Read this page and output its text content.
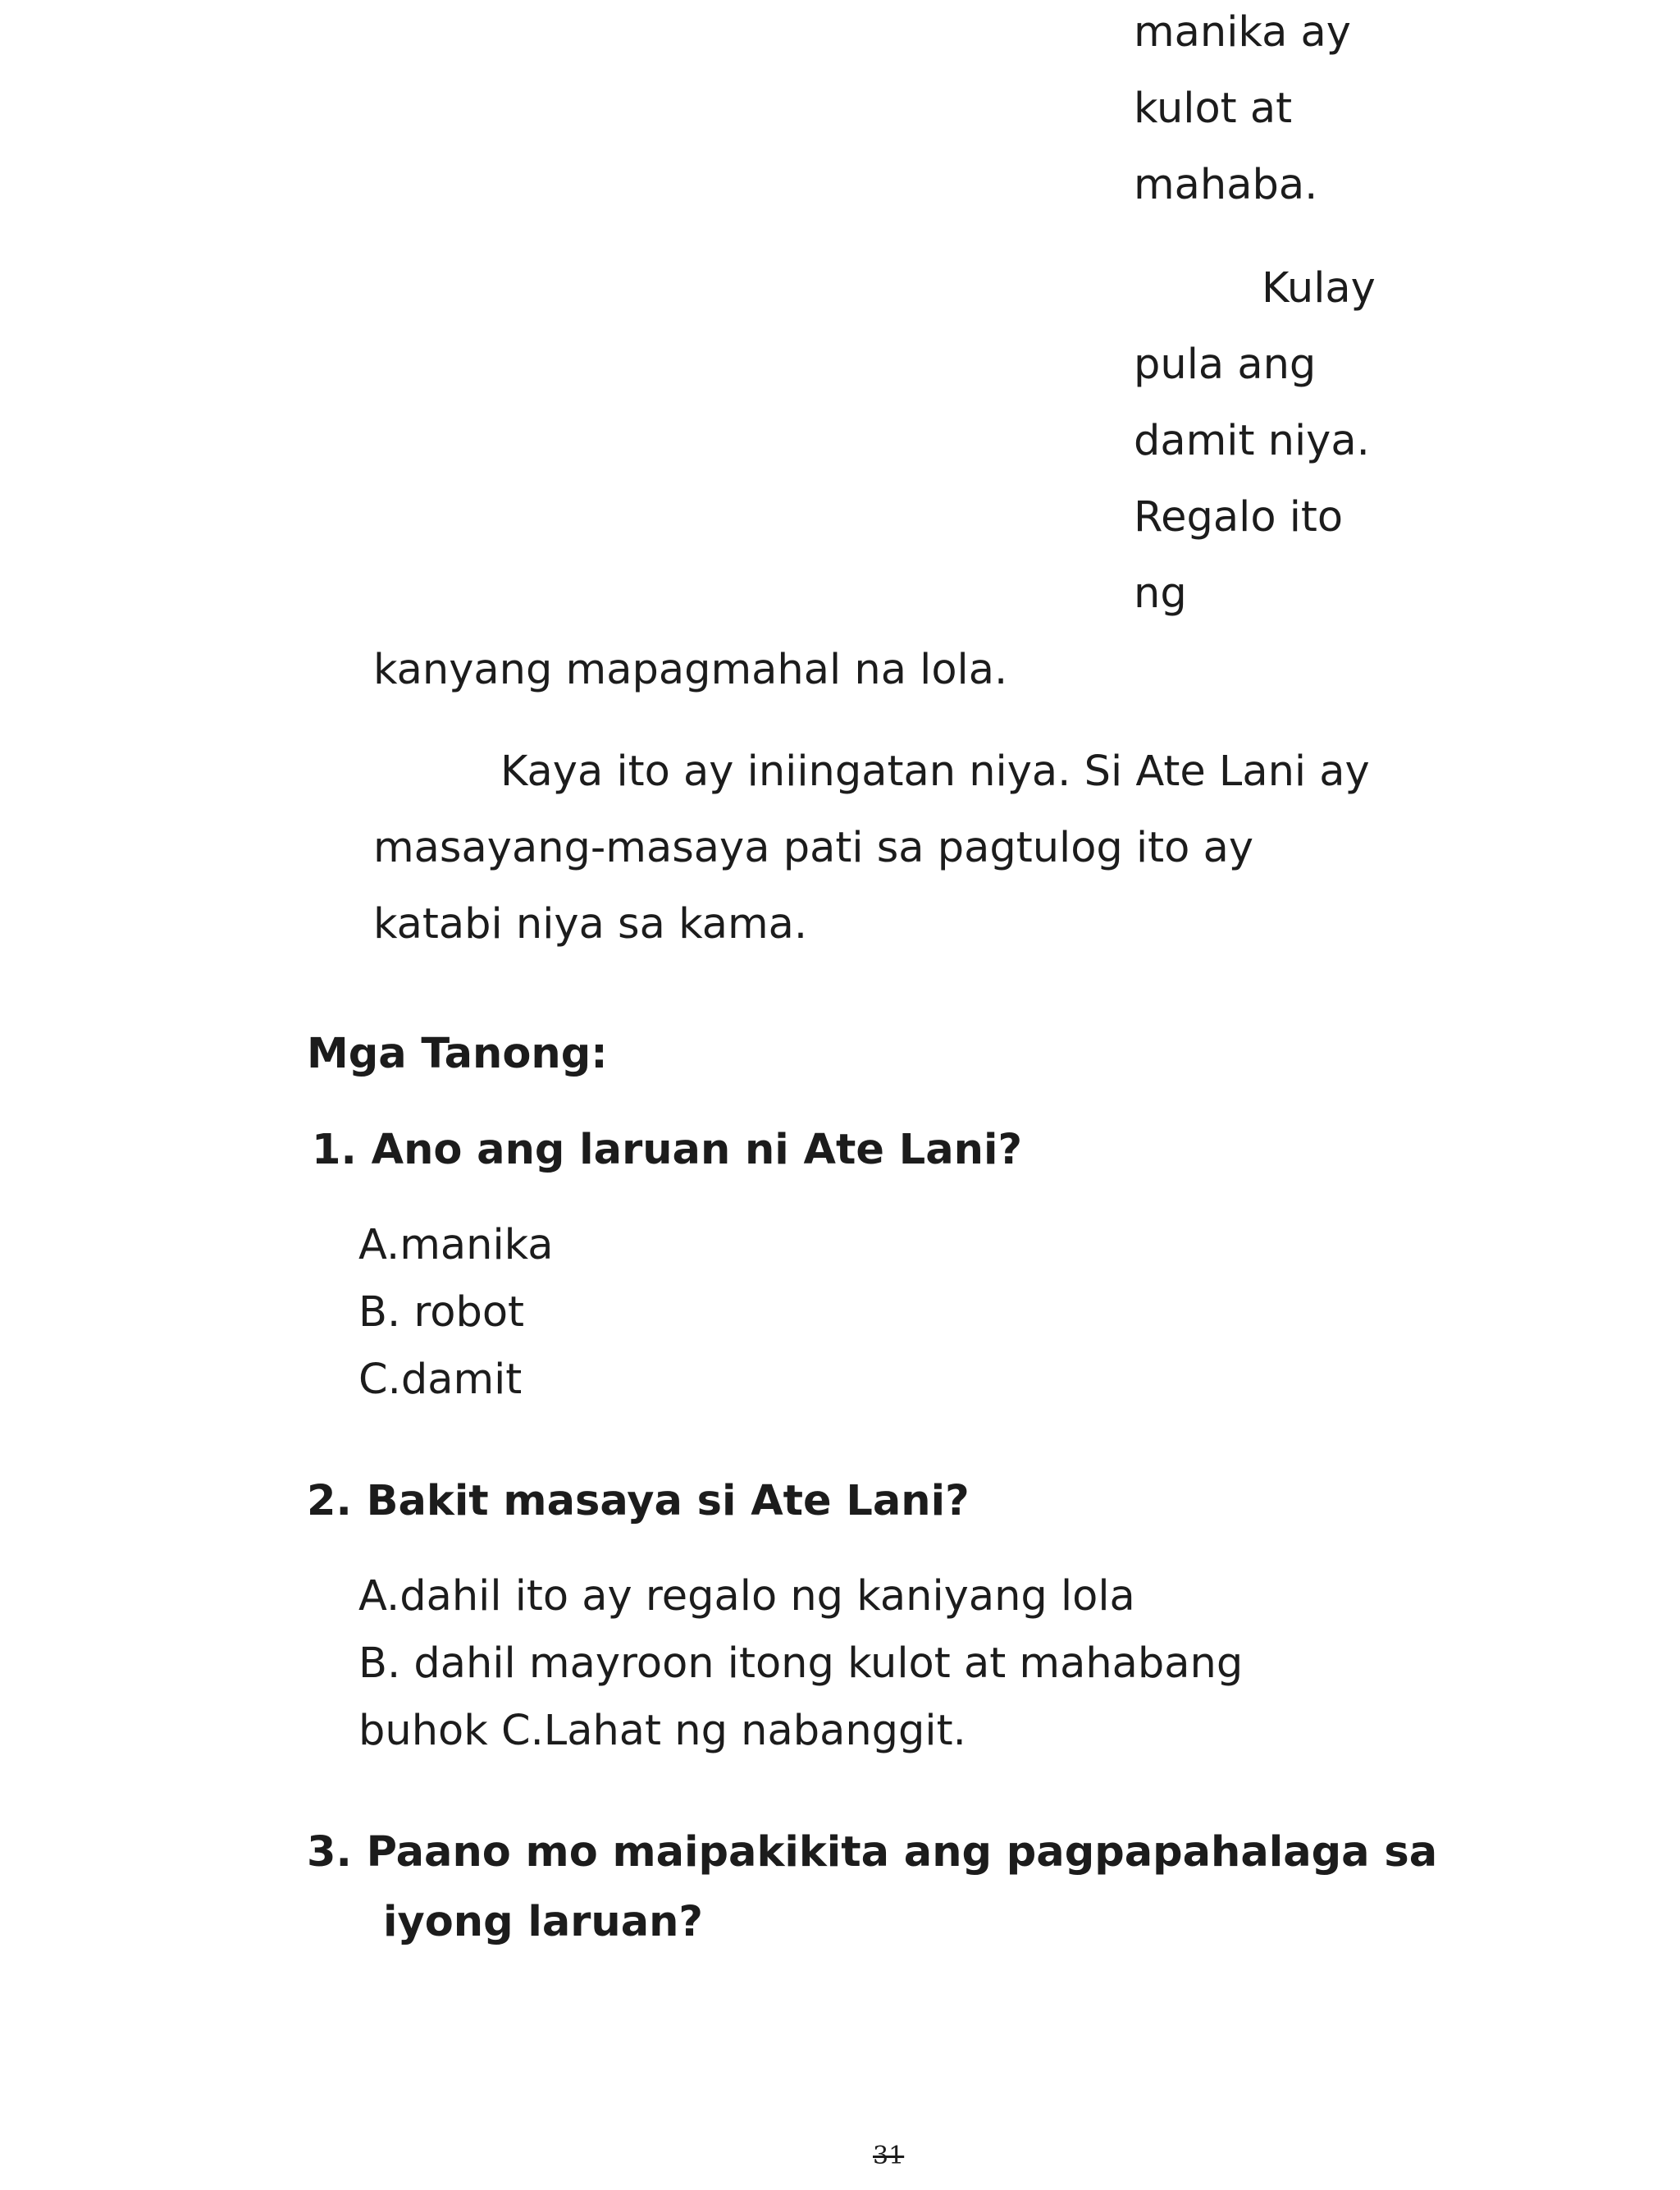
manika ay
kulot at
mahaba.
Kulay
pula ang
damit niya.
Regalo ito
ng
kanyang mapagmahal na lola.
Kaya ito ay iniingatan niya. Si Ate Lani ay
masayang-masaya pati sa pagtulog ito ay
katabi niya sa kama.
Mga Tanong:
1. Ano ang laruan ni Ate Lani?
A.manika
B. robot
C.damit
2. Bakit masaya si Ate Lani?
A.dahil ito ay regalo ng kaniyang lola
B. dahil mayroon itong kulot at mahabang
buhok C.Lahat ng nabanggit.
3. Paano mo maipakikita ang pagpapahalaga sa
iyong laruan?
31
